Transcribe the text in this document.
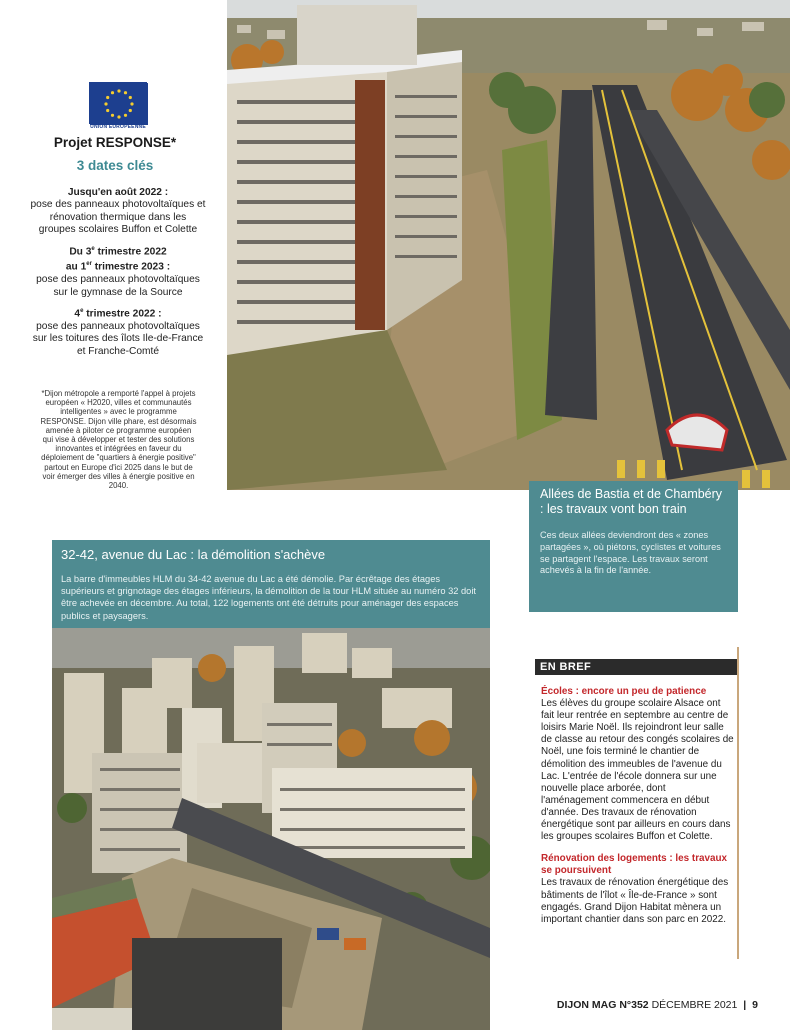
UNION EUROPÉENNE
Projet RESPONSE*
3 dates clés
Jusqu'en août 2022 :
pose des panneaux photovoltaïques et rénovation thermique dans les groupes scolaires Buffon et Colette
Du 3e trimestre 2022
au 1er trimestre 2023 :
pose des panneaux photovoltaïques sur le gymnase de la Source
4e trimestre 2022 :
pose des panneaux photovoltaïques sur les toitures des îlots Ile-de-France et Franche-Comté
*Dijon métropole a remporté l'appel à projets européen « H2020, villes et communautés intelligentes » avec le programme RESPONSE. Dijon ville phare, est désormais amenée à piloter ce programme européen qui vise à développer et tester des solutions innovantes et intégrées en faveur du déploiement de "quartiers à énergie positive" partout en Europe d'ici 2025 dans le but de voir émerger des villes à énergie positive en 2040.
Allées de Bastia et de Chambéry : les travaux vont bon train
Ces deux allées deviendront des « zones partagées », où piétons, cyclistes et voitures se partagent l'espace. Les travaux seront achevés à la fin de l'année.
32-42, avenue du Lac : la démolition s'achève
La barre d'immeubles HLM du 34-42 avenue du Lac a été démolie. Par écrêtage des étages supérieurs et grignotage des étages inférieurs, la démolition de la tour HLM située au numéro 32 doit être achevée en décembre. Au total, 122 logements ont été détruits pour aménager des espaces publics et paysagers.
EN BREF
Écoles : encore un peu de patience
Les élèves du groupe scolaire Alsace ont fait leur rentrée en septembre au centre de loisirs Marie Noël. Ils rejoindront leur salle de classe au retour des congés scolaires de Noël, une fois terminé le chantier de démolition des immeubles de l'avenue du Lac. L'entrée de l'école donnera sur une nouvelle place arborée, dont l'aménagement commencera en début d'année. Des travaux de rénovation énergétique sont par ailleurs en cours dans les groupes scolaires Buffon et Colette.
Rénovation des logements : les travaux se poursuivent
Les travaux de rénovation énergétique des bâtiments de l'îlot « Île-de-France » sont engagés. Grand Dijon Habitat mènera un important chantier dans son parc en 2022.
DIJON MAG N°352 DÉCEMBRE 2021 | 9
